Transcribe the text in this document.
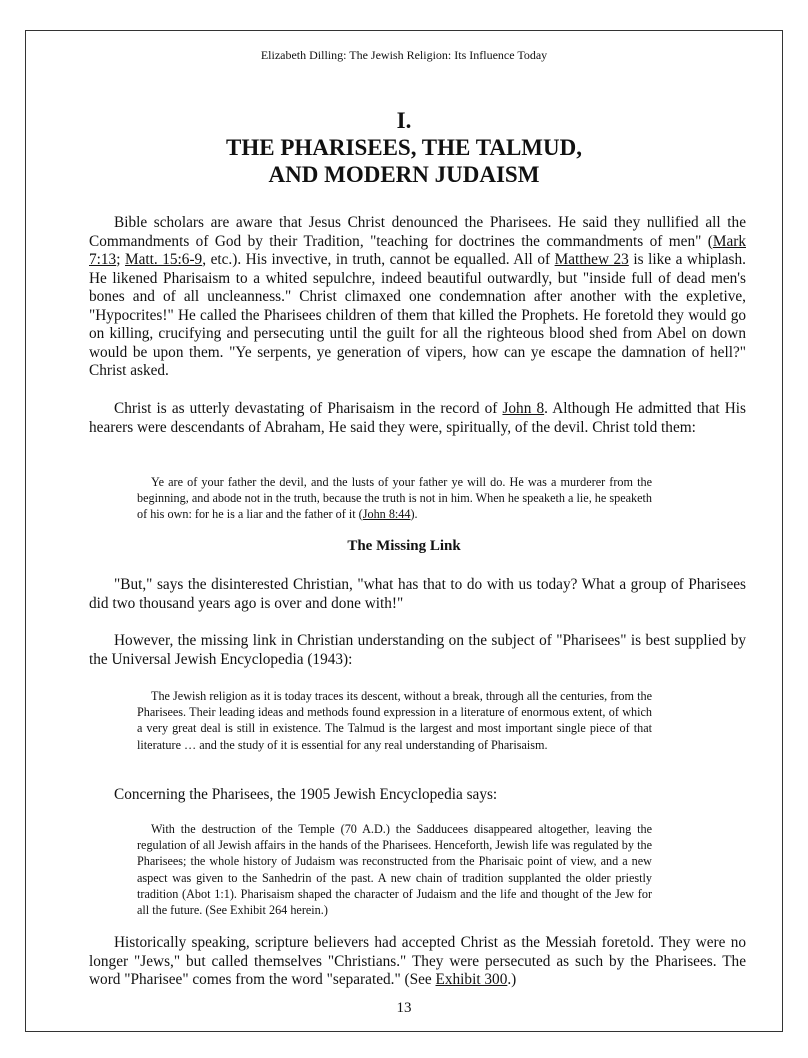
Elizabeth Dilling: The Jewish Religion: Its Influence Today
I.
THE PHARISEES, THE TALMUD,
AND MODERN JUDAISM

Bible scholars are aware that Jesus Christ denounced the Pharisees. He said they nullified all the Commandments of God by their Tradition, "teaching for doctrines the commandments of men" (Mark 7:13; Matt. 15:6-9, etc.). His invective, in truth, cannot be equalled. All of Matthew 23 is like a whiplash. He likened Pharisaism to a whited sepulchre, indeed beautiful outwardly, but "inside full of dead men's bones and of all uncleanness." Christ climaxed one condemnation after another with the expletive, "Hypocrites!" He called the Pharisees children of them that killed the Prophets. He foretold they would go on killing, crucifying and persecuting until the guilt for all the righteous blood shed from Abel on down would be upon them. "Ye serpents, ye generation of vipers, how can ye escape the damnation of hell?" Christ asked.

Christ is as utterly devastating of Pharisaism in the record of John 8. Although He admitted that His hearers were descendants of Abraham, He said they were, spiritually, of the devil. Christ told them:

Ye are of your father the devil, and the lusts of your father ye will do. He was a murderer from the beginning, and abode not in the truth, because the truth is not in him. When he speaketh a lie, he speaketh of his own: for he is a liar and the father of it (John 8:44).

The Missing Link

"But," says the disinterested Christian, "what has that to do with us today? What a group of Pharisees did two thousand years ago is over and done with!"

However, the missing link in Christian understanding on the subject of "Pharisees" is best supplied by the Universal Jewish Encyclopedia (1943):

The Jewish religion as it is today traces its descent, without a break, through all the centuries, from the Pharisees. Their leading ideas and methods found expression in a literature of enormous extent, of which a very great deal is still in existence. The Talmud is the largest and most important single piece of that literature … and the study of it is essential for any real understanding of Pharisaism.

Concerning the Pharisees, the 1905 Jewish Encyclopedia says:

With the destruction of the Temple (70 A.D.) the Sadducees disappeared altogether, leaving the regulation of all Jewish affairs in the hands of the Pharisees. Henceforth, Jewish life was regulated by the Pharisees; the whole history of Judaism was reconstructed from the Pharisaic point of view, and a new aspect was given to the Sanhedrin of the past. A new chain of tradition supplanted the older priestly tradition (Abot 1:1). Pharisaism shaped the character of Judaism and the life and thought of the Jew for all the future. (See Exhibit 264 herein.)

Historically speaking, scripture believers had accepted Christ as the Messiah foretold. They were no longer "Jews," but called themselves "Christians." They were persecuted as such by the Pharisees. The word "Pharisee" comes from the word "separated." (See Exhibit 300.)

13
